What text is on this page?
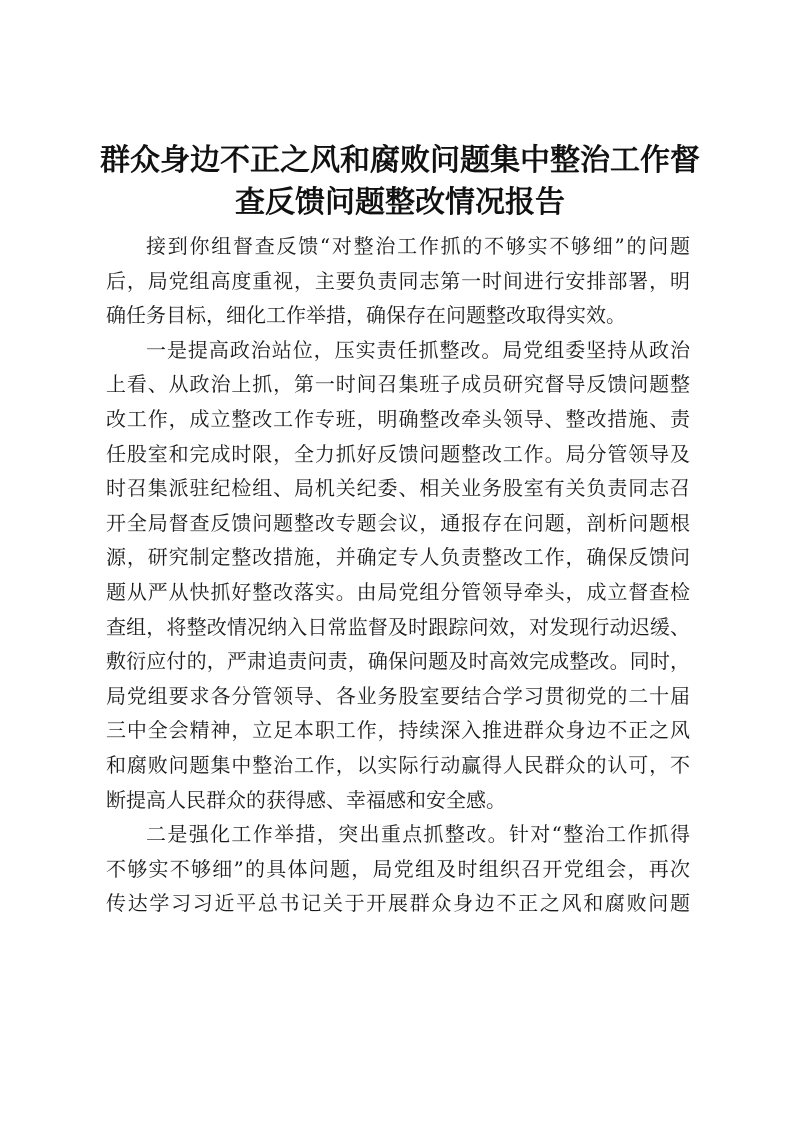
群众身边不正之风和腐败问题集中整治工作督
查反馈问题整改情况报告
接到你组督查反馈“对整治工作抓的不够实不够细”的问题
后，局党组高度重视，主要负责同志第一时间进行安排部署，明
确任务目标，细化工作举措，确保存在问题整改取得实效。
一是提高政治站位，压实责任抓整改。局党组委坚持从政治
上看、从政治上抓，第一时间召集班子成员研究督导反馈问题整
改工作，成立整改工作专班，明确整改牵头领导、整改措施、责
任股室和完成时限，全力抓好反馈问题整改工作。局分管领导及
时召集派驻纪检组、局机关纪委、相关业务股室有关负责同志召
开全局督查反馈问题整改专题会议，通报存在问题，剖析问题根
源，研究制定整改措施，并确定专人负责整改工作，确保反馈问
题从严从快抓好整改落实。由局党组分管领导牵头，成立督查检
查组，将整改情况纳入日常监督及时跟踪问效，对发现行动迟缓、
敷衍应付的，严肃追责问责，确保问题及时高效完成整改。同时，
局党组要求各分管领导、各业务股室要结合学习贯彻党的二十届
三中全会精神，立足本职工作，持续深入推进群众身边不正之风
和腐败问题集中整治工作，以实际行动赢得人民群众的认可，不
断提高人民群众的获得感、幸福感和安全感。
二是强化工作举措，突出重点抓整改。针对“整治工作抓得
不够实不够细”的具体问题，局党组及时组织召开党组会，再次
传达学习习近平总书记关于开展群众身边不正之风和腐败问题
